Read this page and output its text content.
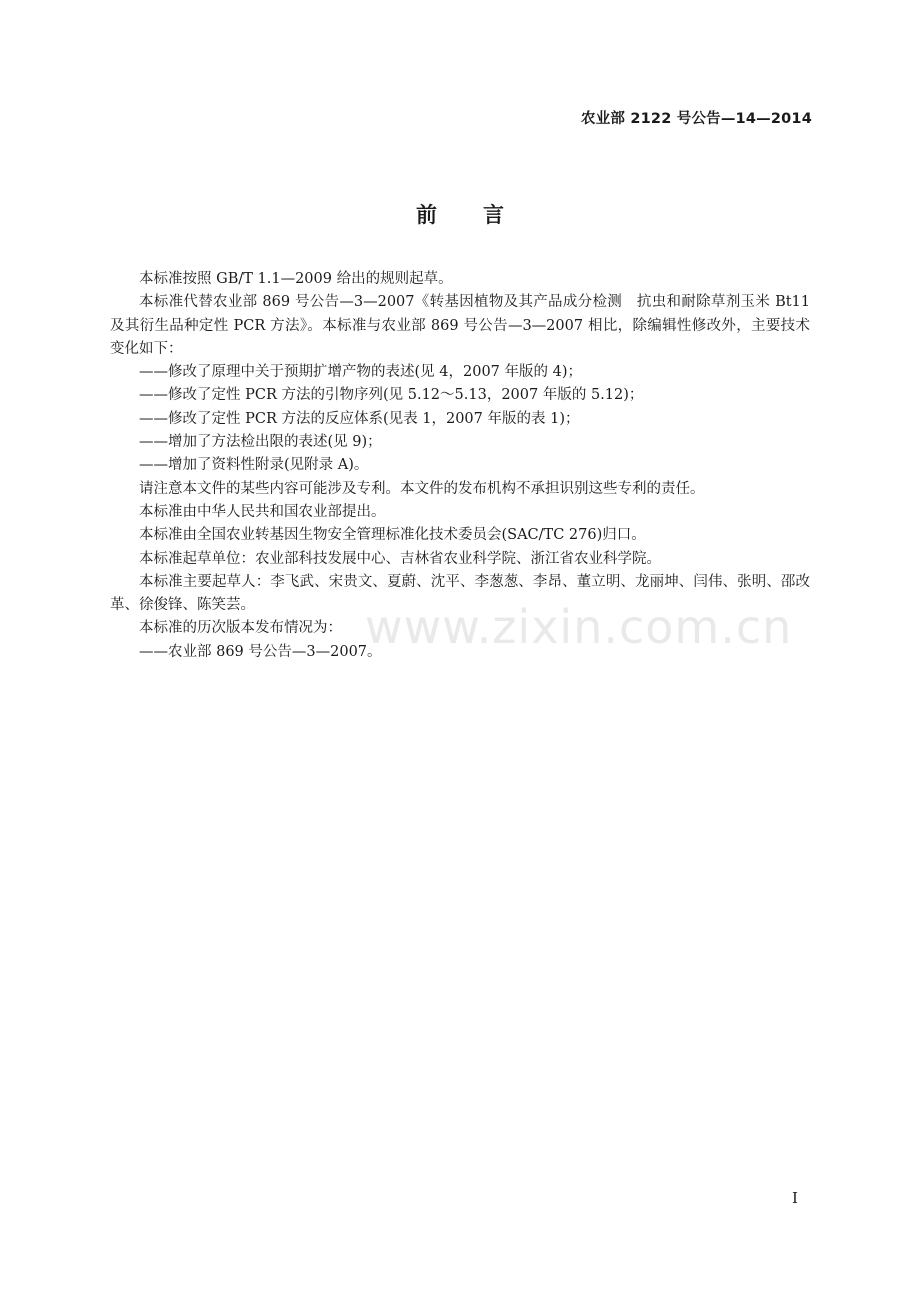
农业部 2122 号公告—14—2014
前言

本标准按照 GB/T 1.1—2009 给出的规则起草。

本标准代替农业部 869 号公告—3—2007《转基因植物及其产品成分检测　抗虫和耐除草剂玉米 Bt11 及其衍生品种定性 PCR 方法》。本标准与农业部 869 号公告—3—2007 相比，除编辑性修改外，主要技术变化如下：

——修改了原理中关于预期扩增产物的表述(见 4，2007 年版的 4)；

——修改了定性 PCR 方法的引物序列(见 5.12～5.13，2007 年版的 5.12)；

——修改了定性 PCR 方法的反应体系(见表 1，2007 年版的表 1)；

——增加了方法检出限的表述(见 9)；

——增加了资料性附录(见附录 A)。

请注意本文件的某些内容可能涉及专利。本文件的发布机构不承担识别这些专利的责任。

本标准由中华人民共和国农业部提出。

本标准由全国农业转基因生物安全管理标准化技术委员会(SAC/TC 276)归口。

本标准起草单位：农业部科技发展中心、吉林省农业科学院、浙江省农业科学院。

本标准主要起草人：李飞武、宋贵文、夏蔚、沈平、李葱葱、李昂、董立明、龙丽坤、闫伟、张明、邵改革、徐俊锋、陈笑芸。

本标准的历次版本发布情况为：

——农业部 869 号公告—3—2007。

www.zixin.com.cn
I
